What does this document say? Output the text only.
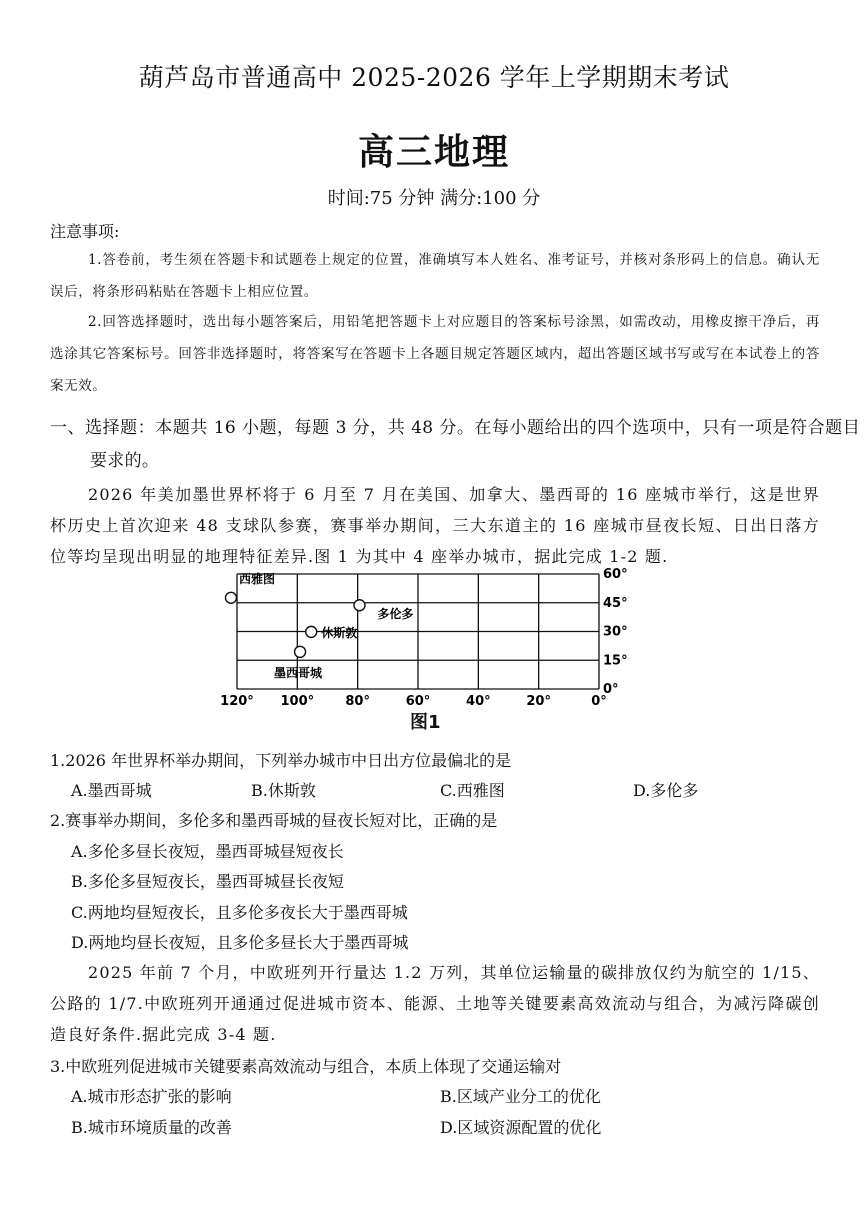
葫芦岛市普通高中 2025-2026 学年上学期期末考试
高三地理
时间:75 分钟 满分:100 分
注意事项:
1.答卷前，考生须在答题卡和试题卷上规定的位置，准确填写本人姓名、准考证号，并核对条形码上的信息。确认无误后，将条形码粘贴在答题卡上相应位置。
2.回答选择题时，选出每小题答案后，用铅笔把答题卡上对应题目的答案标号涂黑，如需改动，用橡皮擦干净后，再选涂其它答案标号。回答非选择题时，将答案写在答题卡上各题目规定答题区域内，超出答题区域书写或写在本试卷上的答案无效。
一、选择题：本题共 16 小题，每题 3 分，共 48 分。在每小题给出的四个选项中，只有一项是符合题目要求的。
2026 年美加墨世界杯将于 6 月至 7 月在美国、加拿大、墨西哥的 16 座城市举行，这是世界杯历史上首次迎来 48 支球队参赛，赛事举办期间，三大东道主的 16 座城市昼夜长短、日出日落方位等均呈现出明显的地理特征差异.图 1 为其中 4 座举办城市，据此完成 1-2 题.
120° 100° 80°	60°	40°	20°	0°
60°
45°
30°
15°
0°
西雅图
多伦多
休斯敦
墨西哥城
图1
1.2026 年世界杯举办期间，下列举办城市中日出方位最偏北的是
A.墨西哥城	B.休斯敦	C.西雅图	D.多伦多
2.赛事举办期间，多伦多和墨西哥城的昼夜长短对比，正确的是
A.多伦多昼长夜短，墨西哥城昼短夜长
B.多伦多昼短夜长，墨西哥城昼长夜短
C.两地均昼短夜长，且多伦多夜长大于墨西哥城
D.两地均昼长夜短，且多伦多昼长大于墨西哥城
2025 年前 7 个月，中欧班列开行量达 1.2 万列，其单位运输量的碳排放仅约为航空的 1/15、公路的 1/7.中欧班列开通通过促进城市资本、能源、土地等关键要素高效流动与组合，为减污降碳创造良好条件.据此完成 3-4 题.
3.中欧班列促进城市关键要素高效流动与组合，本质上体现了交通运输对
A.城市形态扩张的影响	B.区域产业分工的优化
B.城市环境质量的改善	D.区域资源配置的优化
